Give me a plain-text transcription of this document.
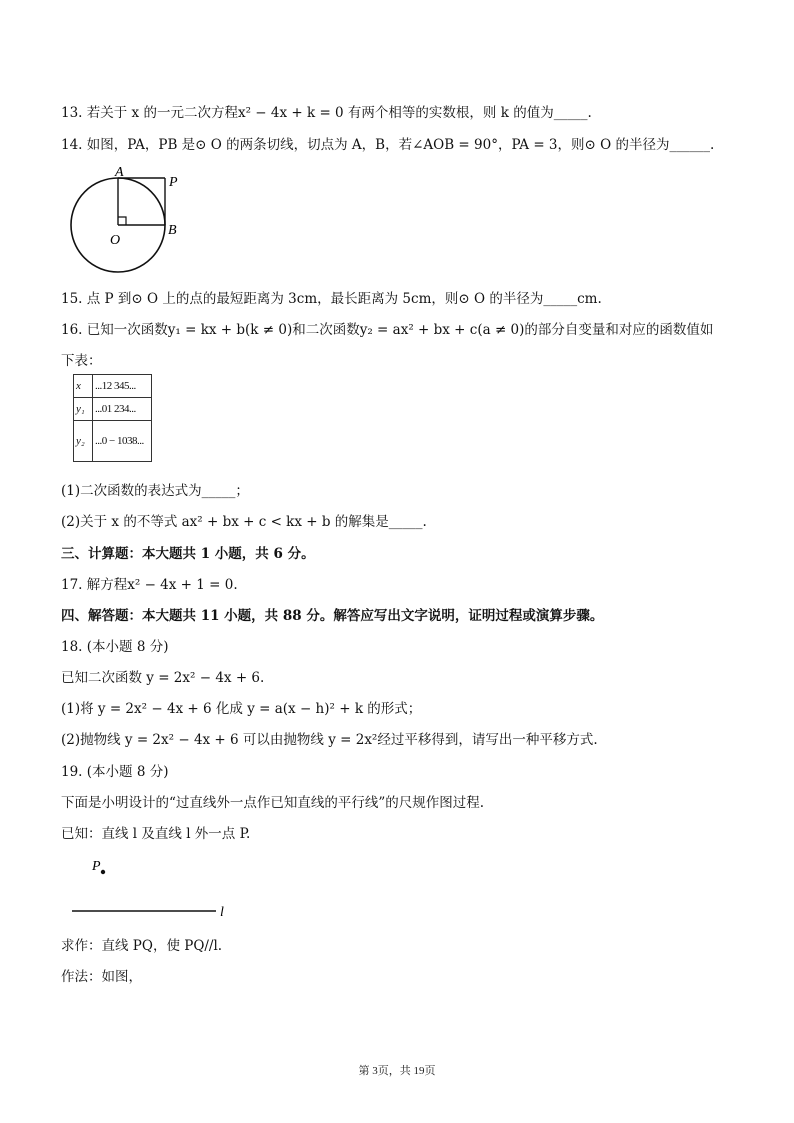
13. 若关于 x 的一元二次方程x² − 4x + k = 0 有两个相等的实数根，则 k 的值为_____.
14. 如图，PA，PB 是⊙ O 的两条切线，切点为 A，B，若∠AOB = 90°，PA = 3，则⊙ O 的半径为______.
A
P
O
B
15. 点 P 到⊙ O 上的点的最短距离为 3cm，最长距离为 5cm，则⊙ O 的半径为_____cm.
16. 已知一次函数y₁ = kx + b(k ≠ 0)和二次函数y₂ = ax² + bx + c(a ≠ 0)的部分自变量和对应的函数值如
下表：
x	...12 345...
y₁	...01 234...
y₂	...0 − 1038...
(1)二次函数的表达式为_____；
(2)关于 x 的不等式 ax² + bx + c < kx + b 的解集是_____.
三、计算题：本大题共 1 小题，共 6 分。
17. 解方程x² − 4x + 1 = 0.
四、解答题：本大题共 11 小题，共 88 分。解答应写出文字说明，证明过程或演算步骤。
18. (本小题 8 分)
已知二次函数 y = 2x² − 4x + 6.
(1)将 y = 2x² − 4x + 6 化成 y = a(x − h)² + k 的形式；
(2)抛物线 y = 2x² − 4x + 6 可以由抛物线 y = 2x²经过平移得到，请写出一种平移方式.
19. (本小题 8 分)
下面是小明设计的“过直线外一点作已知直线的平行线”的尺规作图过程.
已知：直线 l 及直线 l 外一点 P.
P
l
求作：直线 PQ，使 PQ//l.
作法：如图，
第 3页，共 19页
